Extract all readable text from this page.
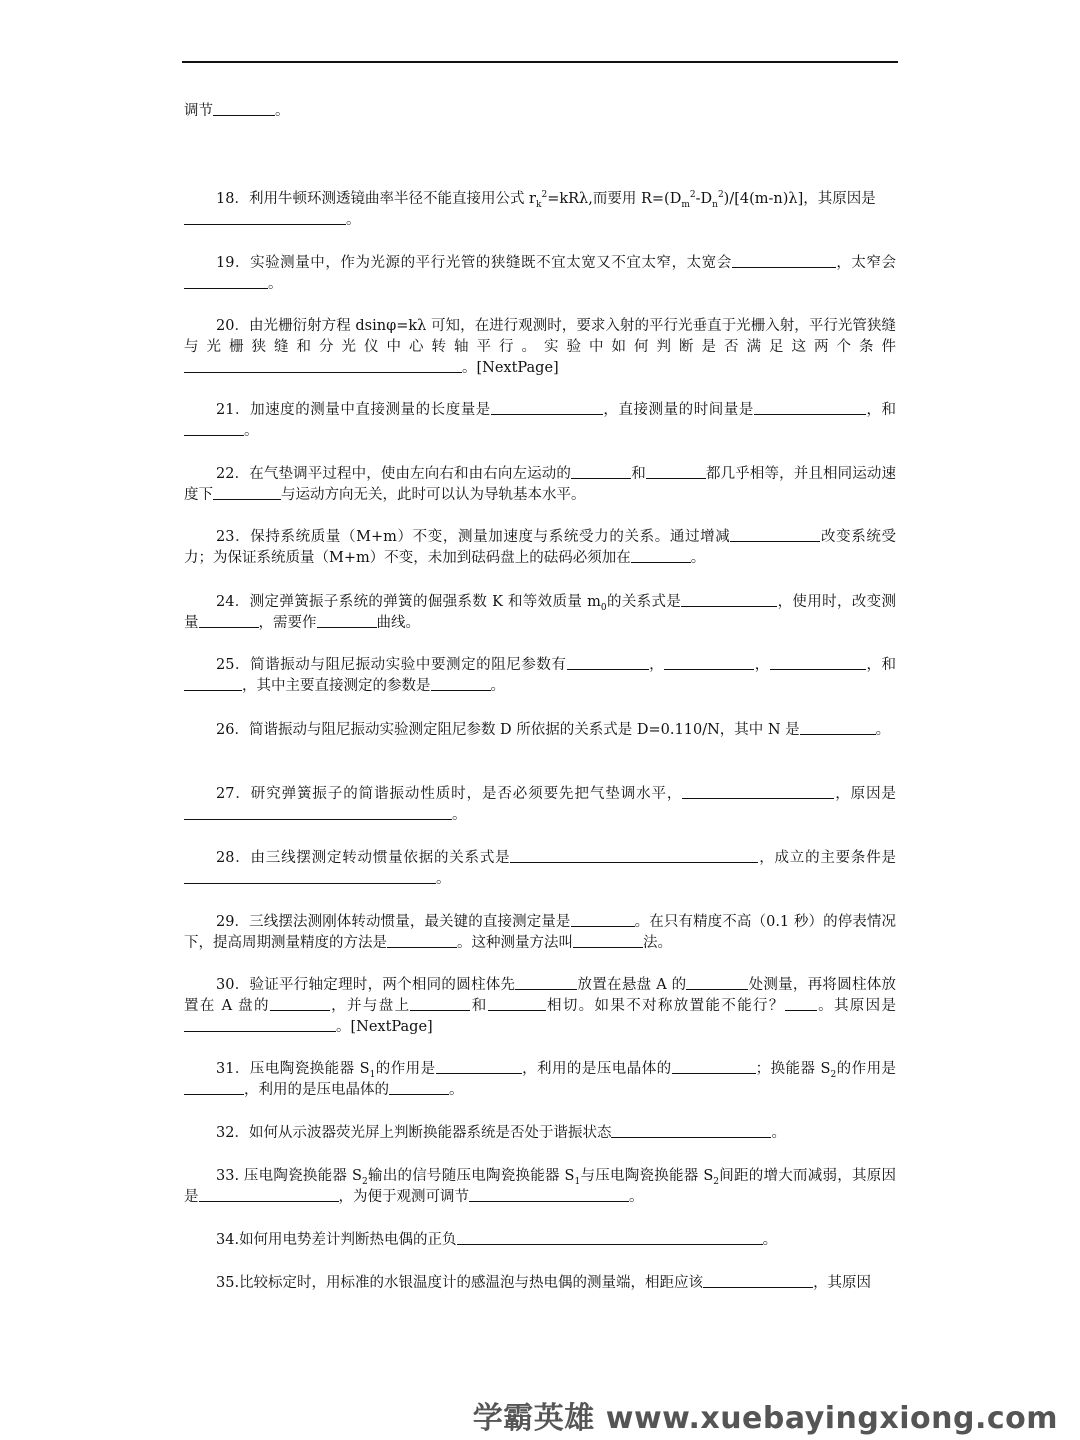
调节	。

18．利用牛顿环测透镜曲率半径不能直接用公式 $r_k^2=kR\lambda$,而要用 $R=(D_m^2-D_n^2)/[4(m-n)\lambda]$，其原因是
。

19．实验测量中，作为光源的平行光管的狭缝既不宜太宽又不宜太窄，太宽会	，太窄会。

20．由光栅衍射方程 dsinφ=kλ 可知，在进行观测时，要求入射的平行光垂直于光栅入射，平行光管狭缝与光栅狭缝和分光仪中心转轴平行。实验中如何判断是否满足这两个条件。[NextPage]

21．加速度的测量中直接测量的长度量是	，直接测量的时间量是	，和。

22．在气垫调平过程中，使由左向右和由右向左运动的	和	都几乎相等，并且相同运动速度下	与运动方向无关，此时可以认为导轨基本水平。

23．保持系统质量（M+m）不变，测量加速度与系统受力的关系。通过增减	改变系统受力；为保证系统质量（M+m）不变，未加到砝码盘上的砝码必须加在	。

24．测定弹簧振子系统的弹簧的倔强系数 K 和等效质量 $m_0$的关系式是	，使用时，改变测量	，需要作	曲线。

25．简谐振动与阻尼振动实验中要测定的阻尼参数有	，	，	，和，其中主要直接测定的参数是	。

26．简谐振动与阻尼振动实验测定阻尼参数 D 所依据的关系式是 D=0.110/N，其中 N 是	。

27．研究弹簧振子的简谐振动性质时，是否必须要先把气垫调水平，	，原因是。

28．由三线摆测定转动惯量依据的关系式是	，成立的主要条件是。

29．三线摆法测刚体转动惯量，最关键的直接测定量是	。在只有精度不高（0.1 秒）的停表情况下，提高周期测量精度的方法是	。这种测量方法叫	法。

30．验证平行轴定理时，两个相同的圆柱体先	放置在悬盘 A 的	处测量，再将圆柱体放置在 A 盘的	，并与盘上	和	相切。如果不对称放置能不能行？ 。其原因是。[NextPage]

31．压电陶瓷换能器 $S_1$的作用是	，利用的是压电晶体的	；换能器 $S_2$的作用是，利用的是压电晶体的	。

32．如何从示波器荧光屏上判断换能器系统是否处于谐振状态	。

33. 压电陶瓷换能器 $S_2$输出的信号随压电陶瓷换能器 $S_1$与压电陶瓷换能器 $S_2$间距的增大而减弱，其原因是	，为便于观测可调节	。

34.如何用电势差计判断热电偶的正负	。

35.比较标定时，用标准的水银温度计的感温泡与热电偶的测量端，相距应该	，其原因

学霸英雄 www.xuebayingxiong.com
